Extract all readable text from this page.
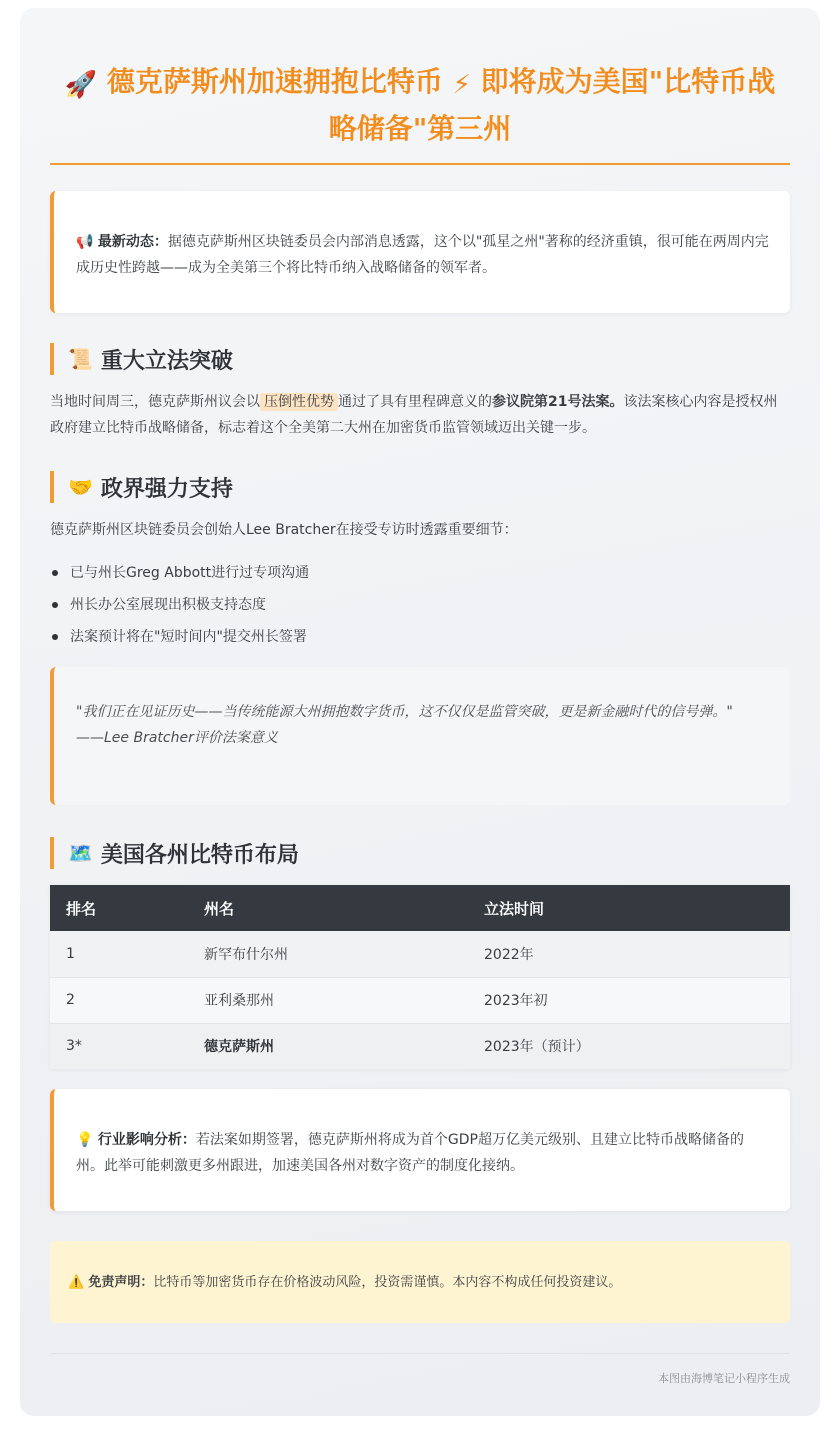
🚀 德克萨斯州加速拥抱比特币 ⚡ 即将成为美国"比特币战略储备"第三州
📢 最新动态：据德克萨斯州区块链委员会内部消息透露，这个以"孤星之州"著称的经济重镇，很可能在两周内完成历史性跨越——成为全美第三个将比特币纳入战略储备的领军者。
📜 重大立法突破

当地时间周三，德克萨斯州议会以 压倒性优势 通过了具有里程碑意义的参议院第21号法案。该法案核心内容是授权州政府建立比特币战略储备，标志着这个全美第二大州在加密货币监管领域迈出关键一步。

🤝 政界强力支持

德克萨斯州区块链委员会创始人Lee Bratcher在接受专访时透露重要细节：

已与州长Greg Abbott进行过专项沟通
州长办公室展现出积极支持态度
法案预计将在"短时间内"提交州长签署
"我们正在见证历史——当传统能源大州拥抱数字货币，这不仅仅是监管突破，更是新金融时代的信号弹。"
——Lee Bratcher评价法案意义
🗺️ 美国各州比特币布局
排名	州名	立法时间
1	新罕布什尔州	2022年
2	亚利桑那州	2023年初
3*	德克萨斯州	2023年（预计）
💡 行业影响分析：若法案如期签署，德克萨斯州将成为首个GDP超万亿美元级别、且建立比特币战略储备的州。此举可能刺激更多州跟进，加速美国各州对数字资产的制度化接纳。
⚠️ 免责声明：比特币等加密货币存在价格波动风险，投资需谨慎。本内容不构成任何投资建议。
本图由海博笔记小程序生成
